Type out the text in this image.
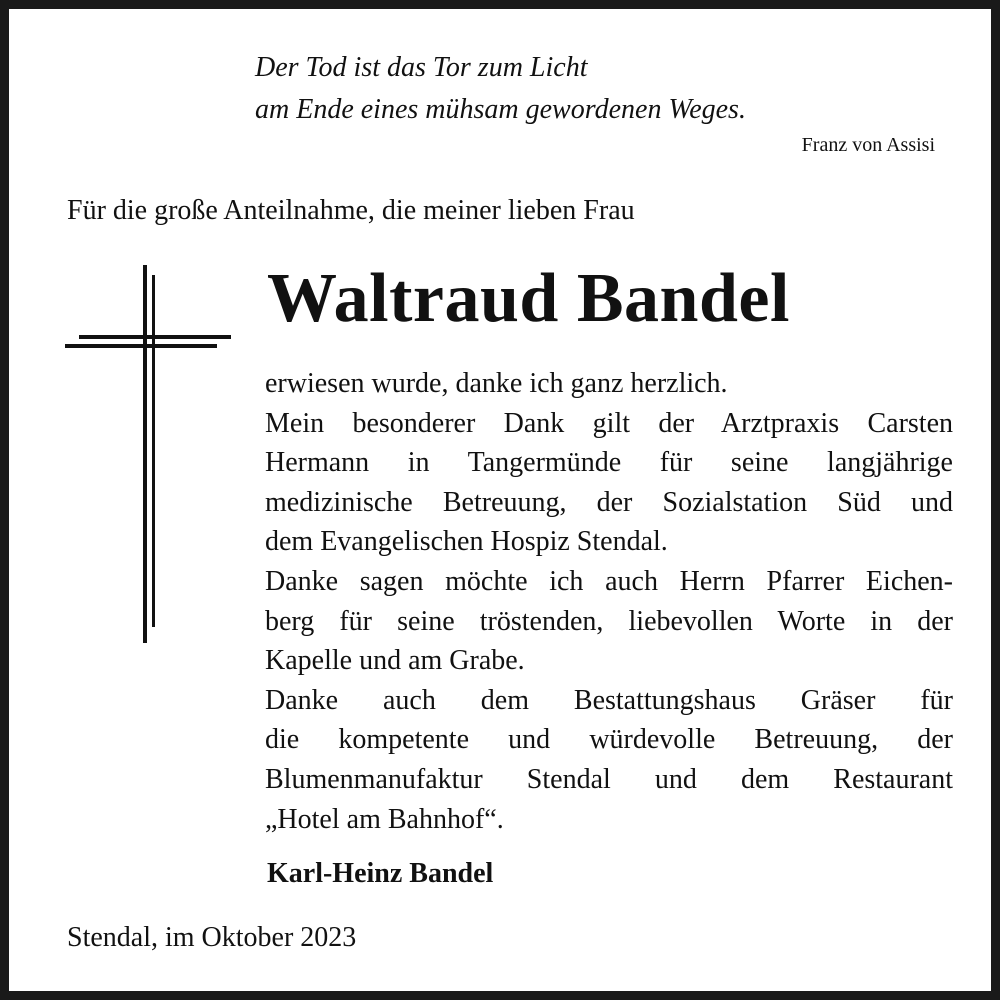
Der Tod ist das Tor zum Licht
am Ende eines mühsam gewordenen Weges.
Franz von Assisi
Für die große Anteilnahme, die meiner lieben Frau
Waltraud Bandel
erwiesen wurde, danke ich ganz herzlich.
Mein besonderer Dank gilt der Arztpraxis Carsten
Hermann in Tangermünde für seine langjährige
medizinische Betreuung, der Sozialstation Süd und
dem Evangelischen Hospiz Stendal.
Danke sagen möchte ich auch Herrn Pfarrer Eichen-
berg für seine tröstenden, liebevollen Worte in der
Kapelle und am Grabe.
Danke auch dem Bestattungshaus Gräser für
die kompetente und würdevolle Betreuung, der
Blumenmanufaktur Stendal und dem Restaurant
„Hotel am Bahnhof“.
Karl-Heinz Bandel
Stendal, im Oktober 2023
